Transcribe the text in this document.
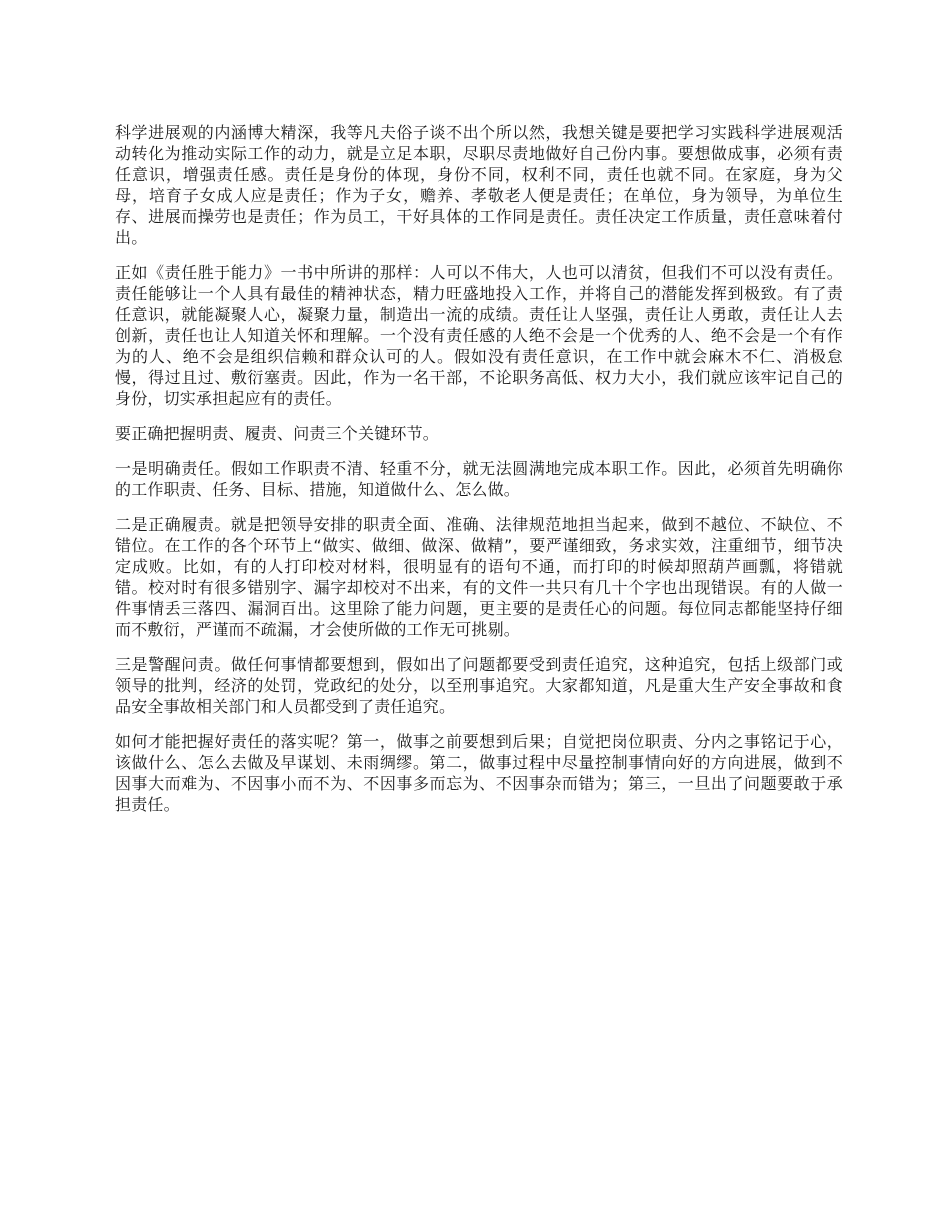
科学进展观的内涵博大精深，我等凡夫俗子谈不出个所以然，我想关键是要把学习实践科学进展观活动转化为推动实际工作的动力，就是立足本职，尽职尽责地做好自己份内事。要想做成事，必须有责任意识，增强责任感。责任是身份的体现，身份不同，权利不同，责任也就不同。在家庭，身为父母，培育子女成人应是责任；作为子女，赡养、孝敬老人便是责任；在单位，身为领导，为单位生存、进展而操劳也是责任；作为员工，干好具体的工作同是责任。责任决定工作质量，责任意味着付出。

正如《责任胜于能力》一书中所讲的那样：人可以不伟大，人也可以清贫，但我们不可以没有责任。责任能够让一个人具有最佳的精神状态，精力旺盛地投入工作，并将自己的潜能发挥到极致。有了责任意识，就能凝聚人心，凝聚力量，制造出一流的成绩。责任让人坚强，责任让人勇敢，责任让人去创新，责任也让人知道关怀和理解。一个没有责任感的人绝不会是一个优秀的人、绝不会是一个有作为的人、绝不会是组织信赖和群众认可的人。假如没有责任意识，在工作中就会麻木不仁、消极怠慢，得过且过、敷衍塞责。因此，作为一名干部，不论职务高低、权力大小，我们就应该牢记自己的身份，切实承担起应有的责任。

要正确把握明责、履责、问责三个关键环节。

一是明确责任。假如工作职责不清、轻重不分，就无法圆满地完成本职工作。因此，必须首先明确你的工作职责、任务、目标、措施，知道做什么、怎么做。

二是正确履责。就是把领导安排的职责全面、准确、法律规范地担当起来，做到不越位、不缺位、不错位。在工作的各个环节上“做实、做细、做深、做精”，要严谨细致，务求实效，注重细节，细节决定成败。比如，有的人打印校对材料，很明显有的语句不通，而打印的时候却照葫芦画瓢，将错就错。校对时有很多错别字、漏字却校对不出来，有的文件一共只有几十个字也出现错误。有的人做一件事情丢三落四、漏洞百出。这里除了能力问题，更主要的是责任心的问题。每位同志都能坚持仔细而不敷衍，严谨而不疏漏，才会使所做的工作无可挑剔。

三是警醒问责。做任何事情都要想到，假如出了问题都要受到责任追究，这种追究，包括上级部门或领导的批判，经济的处罚，党政纪的处分，以至刑事追究。大家都知道，凡是重大生产安全事故和食品安全事故相关部门和人员都受到了责任追究。

如何才能把握好责任的落实呢？第一，做事之前要想到后果；自觉把岗位职责、分内之事铭记于心，该做什么、怎么去做及早谋划、未雨绸缪。第二，做事过程中尽量控制事情向好的方向进展，做到不因事大而难为、不因事小而不为、不因事多而忘为、不因事杂而错为；第三，一旦出了问题要敢于承担责任。
